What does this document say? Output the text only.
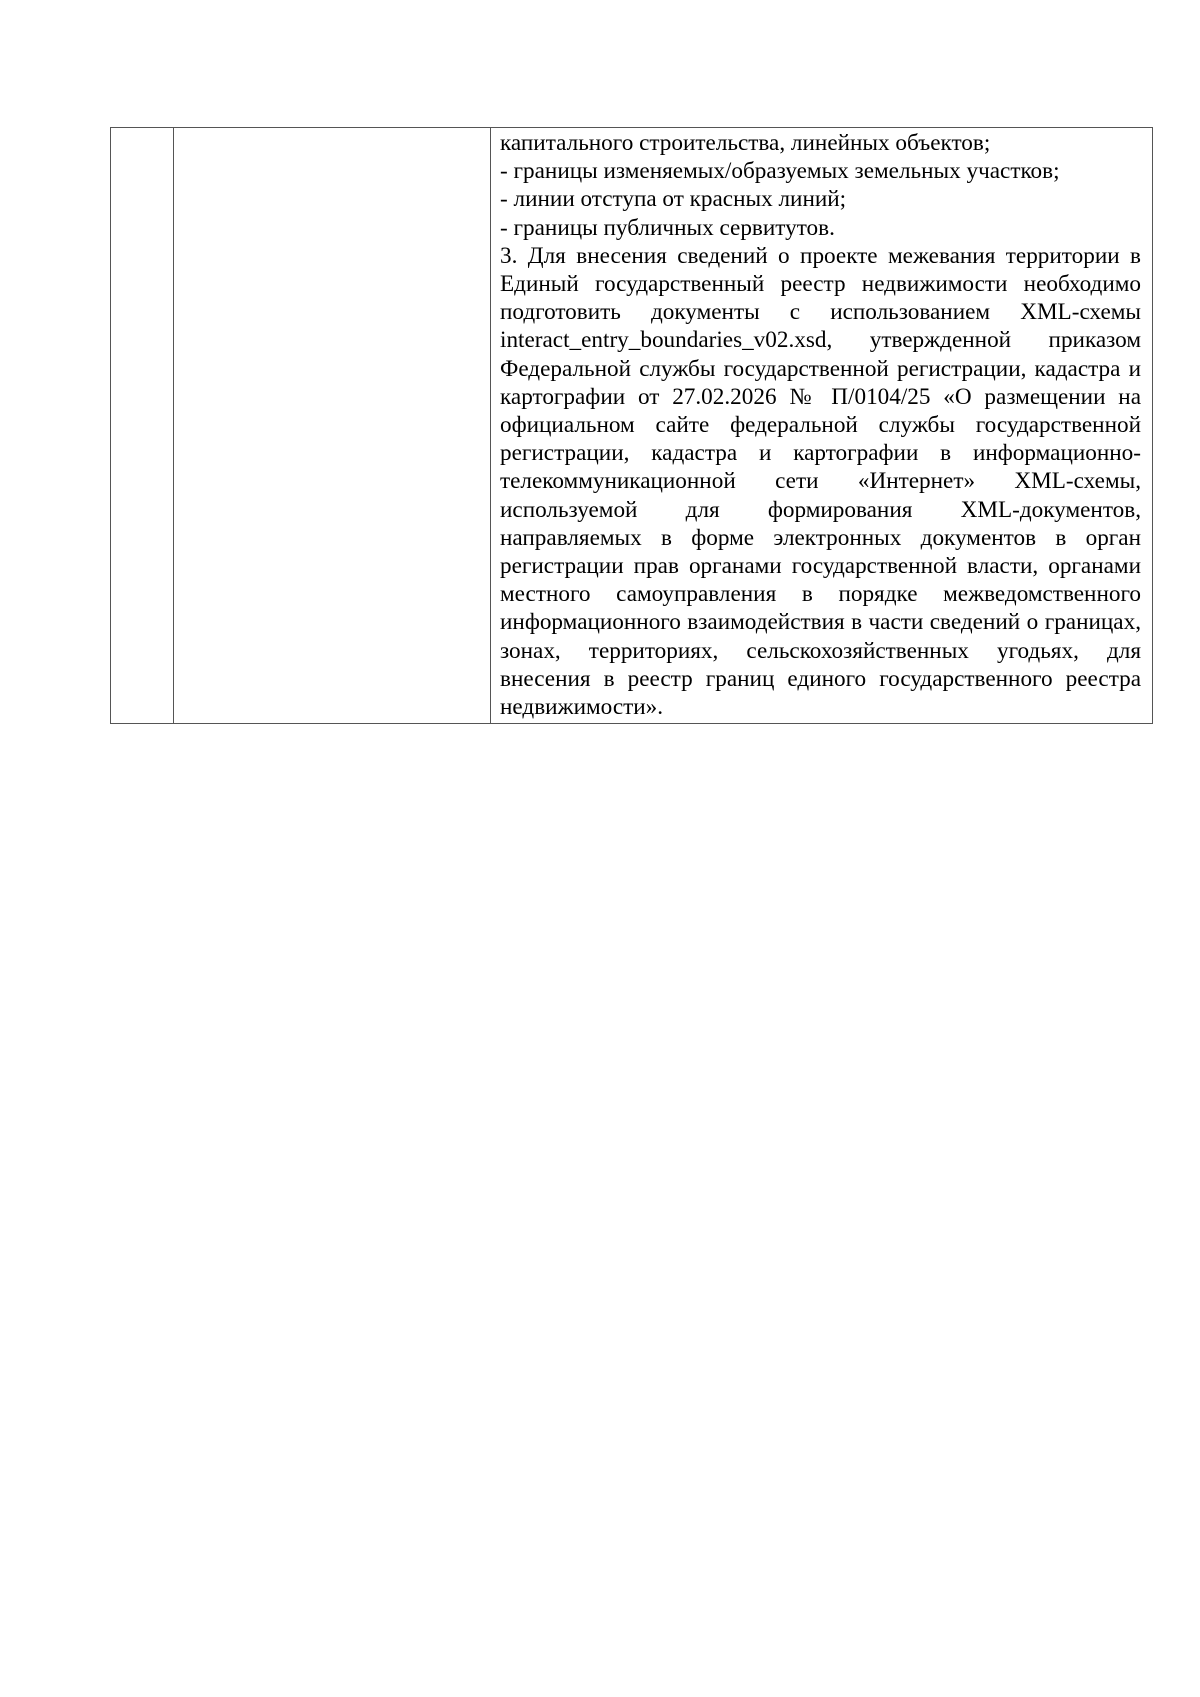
капитального строительства, линейных объектов;
- границы изменяемых/образуемых земельных участков;
- линии отступа от красных линий;
- границы публичных сервитутов.
3. Для внесения сведений о проекте межевания территории в Единый государственный реестр недвижимости необходимо подготовить документы с использованием XML-схемы interact_entry_boundaries_v02.xsd, утвержденной приказом Федеральной службы государственной регистрации, кадастра и картографии от 27.02.2026 № П/0104/25 «О размещении на официальном сайте федеральной службы государственной регистрации, кадастра и картографии в информационно-телекоммуникационной сети «Интернет» XML-схемы, используемой для формирования XML-документов, направляемых в форме электронных документов в орган регистрации прав органами государственной власти, органами местного самоуправления в порядке межведомственного информационного взаимодействия в части сведений о границах, зонах, территориях, сельскохозяйственных угодьях, для внесения в реестр границ единого государственного реестра недвижимости».
